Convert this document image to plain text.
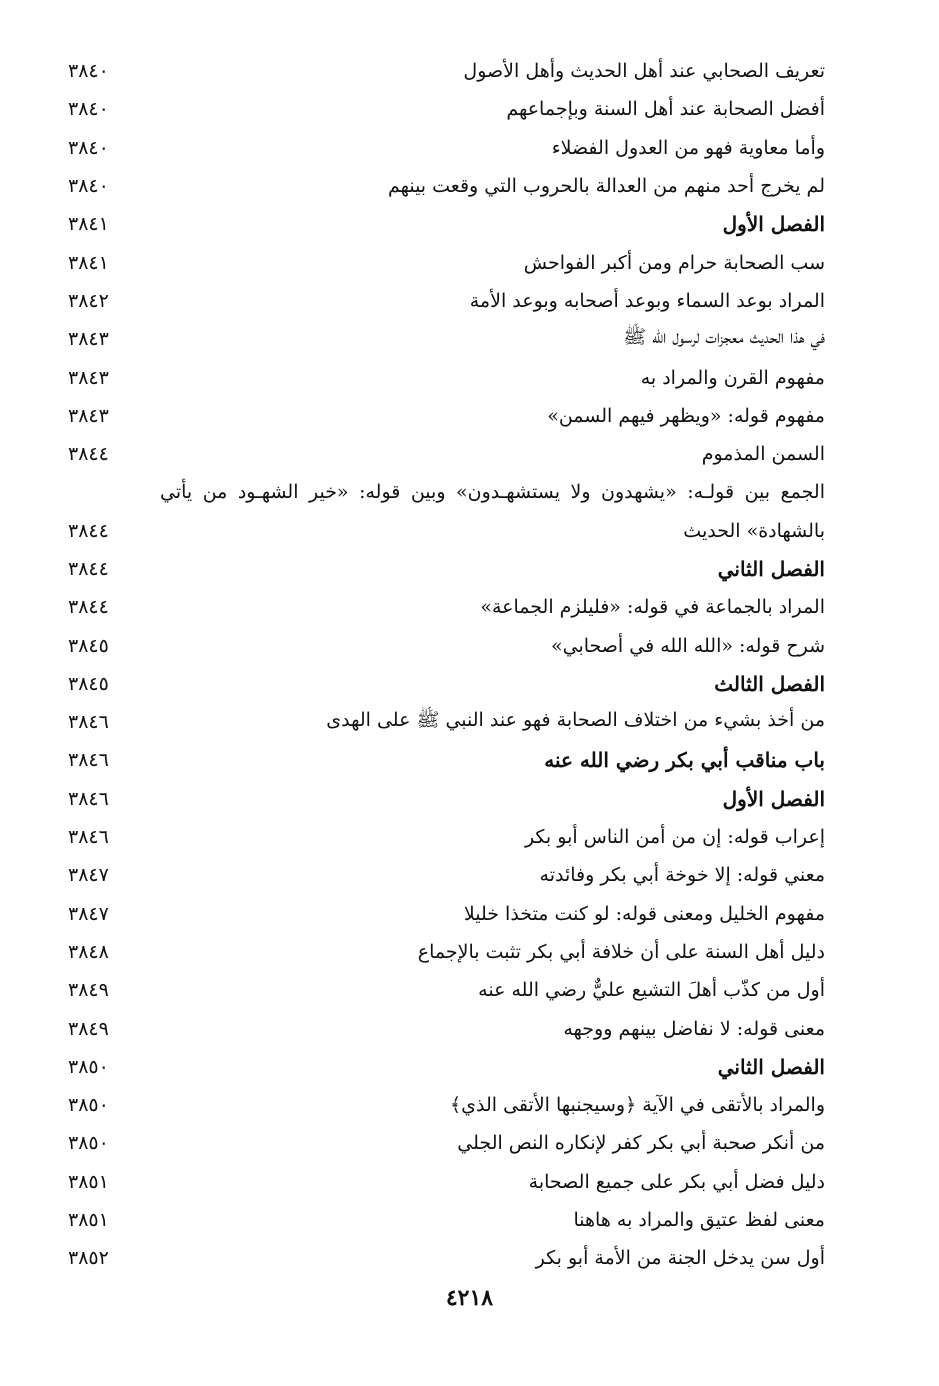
تعريف الصحابي عند أهل الحديث وأهل الأصول
٣٨٤٠
أفضل الصحابة عند أهل السنة وبإجماعهم
٣٨٤٠
وأما معاوية فهو من العدول الفضلاء
٣٨٤٠
لم يخرج أحد منهم من العدالة بالحروب التي وقعت بينهم
٣٨٤٠
الفصل الأول
٣٨٤١
سب الصحابة حرام ومن أكبر الفواحش
٣٨٤١
المراد بوعد السماء وبوعد أصحابه وبوعد الأمة
٣٨٤٢
في هذا الحديث معجزات لرسول الله ﷺ
٣٨٤٣
مفهوم القرن والمراد به
٣٨٤٣
مفهوم قوله: «ويظهر فيهم السمن»
٣٨٤٣
السمن المذموم
٣٨٤٤
الجمع بين قولـه: «يشهدون ولا يستشهـدون» وبين قوله: «خير الشهـود من يأتي بالشهادة» الحديث
٣٨٤٤
الفصل الثاني
٣٨٤٤
المراد بالجماعة في قوله: «فليلزم الجماعة»
٣٨٤٤
شرح قوله: «الله الله في أصحابي»
٣٨٤٥
الفصل الثالث
٣٨٤٥
من أخذ بشيء من اختلاف الصحابة فهو عند النبي ﷺ على الهدى
٣٨٤٦
باب مناقب أبي بكر رضي الله عنه
٣٨٤٦
الفصل الأول
٣٨٤٦
إعراب قوله: إن من أمن الناس أبو بكر
٣٨٤٦
معني قوله: إلا خوخة أبي بكر وفائدته
٣٨٤٧
مفهوم الخليل ومعنى قوله: لو كنت متخذا خليلا
٣٨٤٧
دليل أهل السنة على أن خلافة أبي بكر تثبت بالإجماع
٣٨٤٨
أول من كذّب أهلَ التشيع عليٌّ رضي الله عنه
٣٨٤٩
معنى قوله: لا نفاضل بينهم ووجهه
٣٨٤٩
الفصل الثاني
٣٨٥٠
والمراد بالأتقى في الآية ﴿وسيجنبها الأتقى الذي﴾
٣٨٥٠
من أنكر صحبة أبي بكر كفر لإنكاره النص الجلي
٣٨٥٠
دليل فضل أبي بكر على جميع الصحابة
٣٨٥١
معنى لفظ عتيق والمراد به هاهنا
٣٨٥١
أول سن يدخل الجنة من الأمة أبو بكر
٣٨٥٢
٤٢١٨
